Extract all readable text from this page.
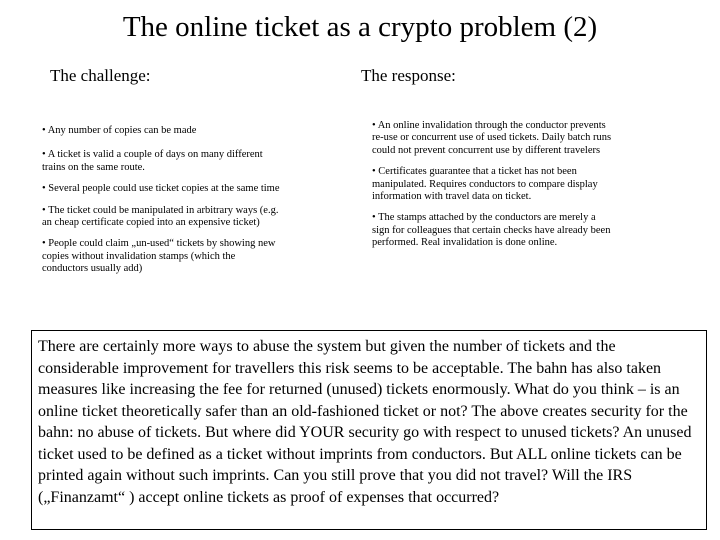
The online ticket as a crypto problem (2)
The challenge:	The response:
• Any number of copies can be made
• A ticket is valid a couple of days on many different trains on the same route.
• Several people could use ticket copies at the same time
• The ticket could be manipulated in arbitrary ways (e.g. an cheap certificate copied into an expensive ticket)
• People could claim „un-used“ tickets by showing new copies without invalidation stamps (which the conductors usually add)
• An online invalidation through the conductor prevents re-use or concurrent use of used tickets. Daily batch runs could not prevent concurrent use by different travelers
• Certificates guarantee that a ticket has not been manipulated. Requires conductors to compare display information with travel data on ticket.
• The stamps attached by the conductors are merely a sign for colleagues that certain checks have already been performed. Real invalidation is done online.
There are certainly more ways to abuse the system but given the number of tickets and the considerable improvement for travellers this risk seems to be acceptable. The bahn has also taken measures like increasing the fee for returned (unused) tickets enormously. What do you think – is an online ticket theoretically safer than an old-fashioned ticket or not? The above creates security for the bahn: no abuse of tickets. But where did YOUR security go with respect to unused tickets? An unused ticket used to be defined as a ticket without imprints from conductors. But ALL online tickets can be printed again without such imprints. Can you still prove that you did not travel? Will the IRS („Finanzamt“ ) accept online tickets as proof of expenses that occurred?
